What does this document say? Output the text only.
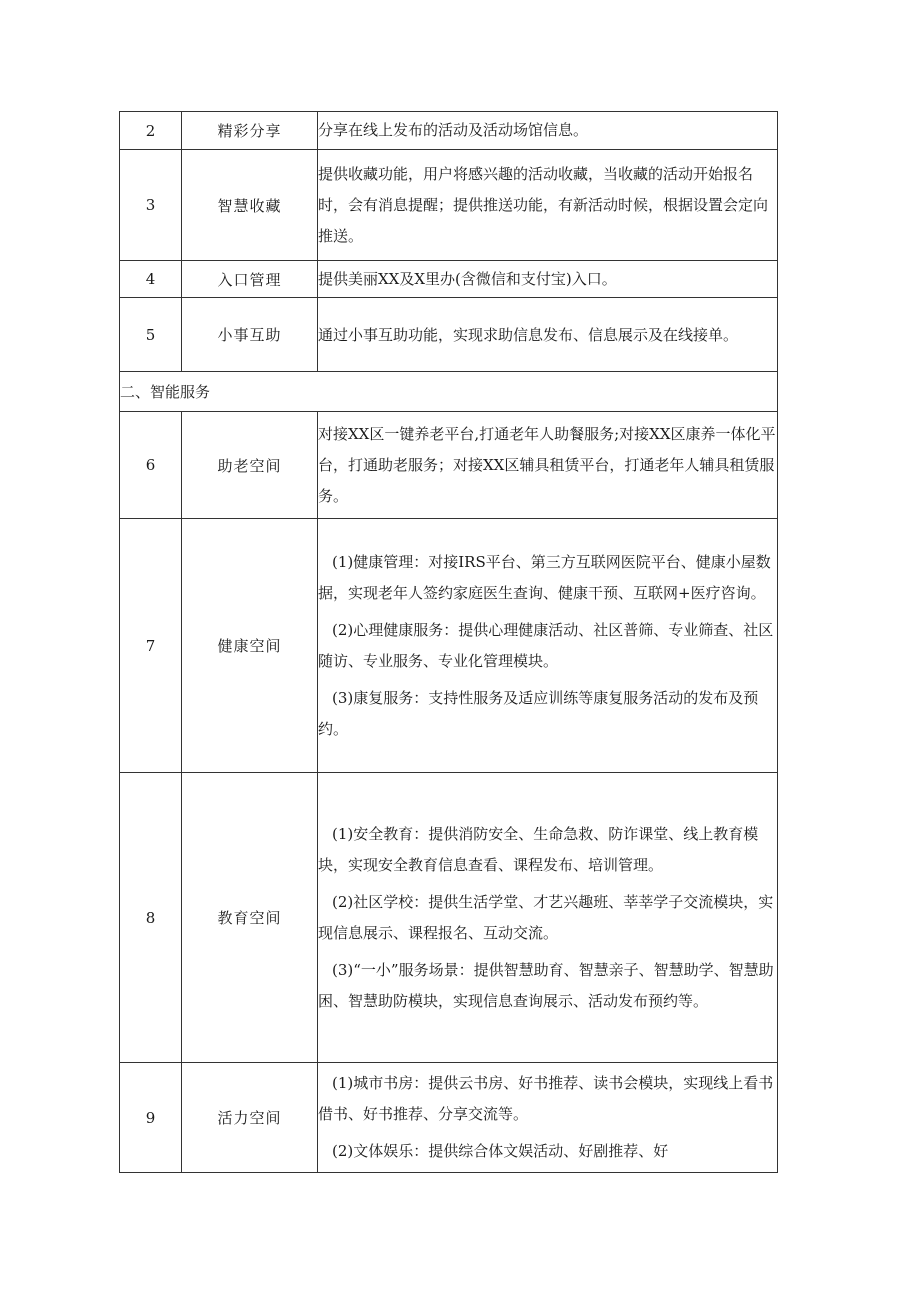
2	精彩分享	分享在线上发布的活动及活动场馆信息。

3	智慧收藏	提供收藏功能，用户将感兴趣的活动收藏，当收藏的活动开始报名时，会有消息提醒；提供推送功能，有新活动时候，根据设置会定向推送。

4	入口管理	提供美丽XX及X里办(含微信和支付宝)入口。

5	小事互助	通过小事互助功能，实现求助信息发布、信息展示及在线接单。

二、智能服务		
6	助老空间	对接XX区一键养老平台,打通老年人助餐服务;对接XX区康养一体化平台，打通助老服务；对接XX区辅具租赁平台，打通老年人辅具租赁服务。

7	健康空间	(1)健康管理：对接IRS平台、第三方互联网医院平台、健康小屋数据，实现老年人签约家庭医生查询、健康干预、互联网+医疗咨询。
(2)心理健康服务：提供心理健康活动、社区普筛、专业筛查、社区随访、专业服务、专业化管理模块。
(3)康复服务：支持性服务及适应训练等康复服务活动的发布及预约。

8	教育空间	(1)安全教育：提供消防安全、生命急救、防诈课堂、线上教育模块，实现安全教育信息查看、课程发布、培训管理。
(2)社区学校：提供生活学堂、才艺兴趣班、莘莘学子交流模块，实现信息展示、课程报名、互动交流。
(3)“一小”服务场景：提供智慧助育、智慧亲子、智慧助学、智慧助困、智慧助防模块，实现信息查询展示、活动发布预约等。

9	活力空间	(1)城市书房：提供云书房、好书推荐、读书会模块，实现线上看书借书、好书推荐、分享交流等。
(2)文体娱乐：提供综合体文娱活动、好剧推荐、好
